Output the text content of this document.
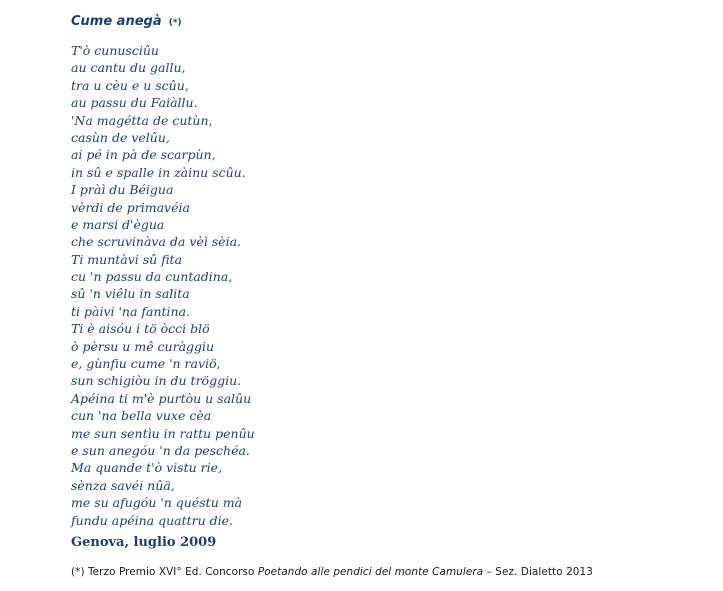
Cume anegà (*)
T'ò cunusciûu
au cantu du gallu,
tra u cèu e u scûu,
au passu du Faiàllu.
'Na magétta de cutùn,
casùn de velûu,
ai pé in pà de scarpùn,
in sû e spalle in zàinu scûu.
I pràì du Béigua
vèrdi de primavéia
e marsi d'ègua
che scruvinàva da vèì sèia.
Ti muntàvi sû fita
cu 'n passu da cuntadina,
sû 'n viêlu in salita
ti pàivi 'na fantina.
Ti è aisóu i tö òcci blö
ò pèrsu u mê curàggiu
e, gùnfiu cume 'n raviö,
sun schigiòu in du tröggiu.
Apéina ti m'è purtòu u salûu
cun 'na bella vuxe cèa
me sun sentìu in rattu penûu
e sun anegóu 'n da peschéa.
Ma quande t'ò vistu rie,
sènza savéi nûä,
me su afugóu 'n quéstu mà
fundu apéina quattru die.
Genova, luglio 2009
(*) Terzo Premio XVI° Ed. Concorso Poetando alle pendici del monte Camulera – Sez. Dialetto 2013
